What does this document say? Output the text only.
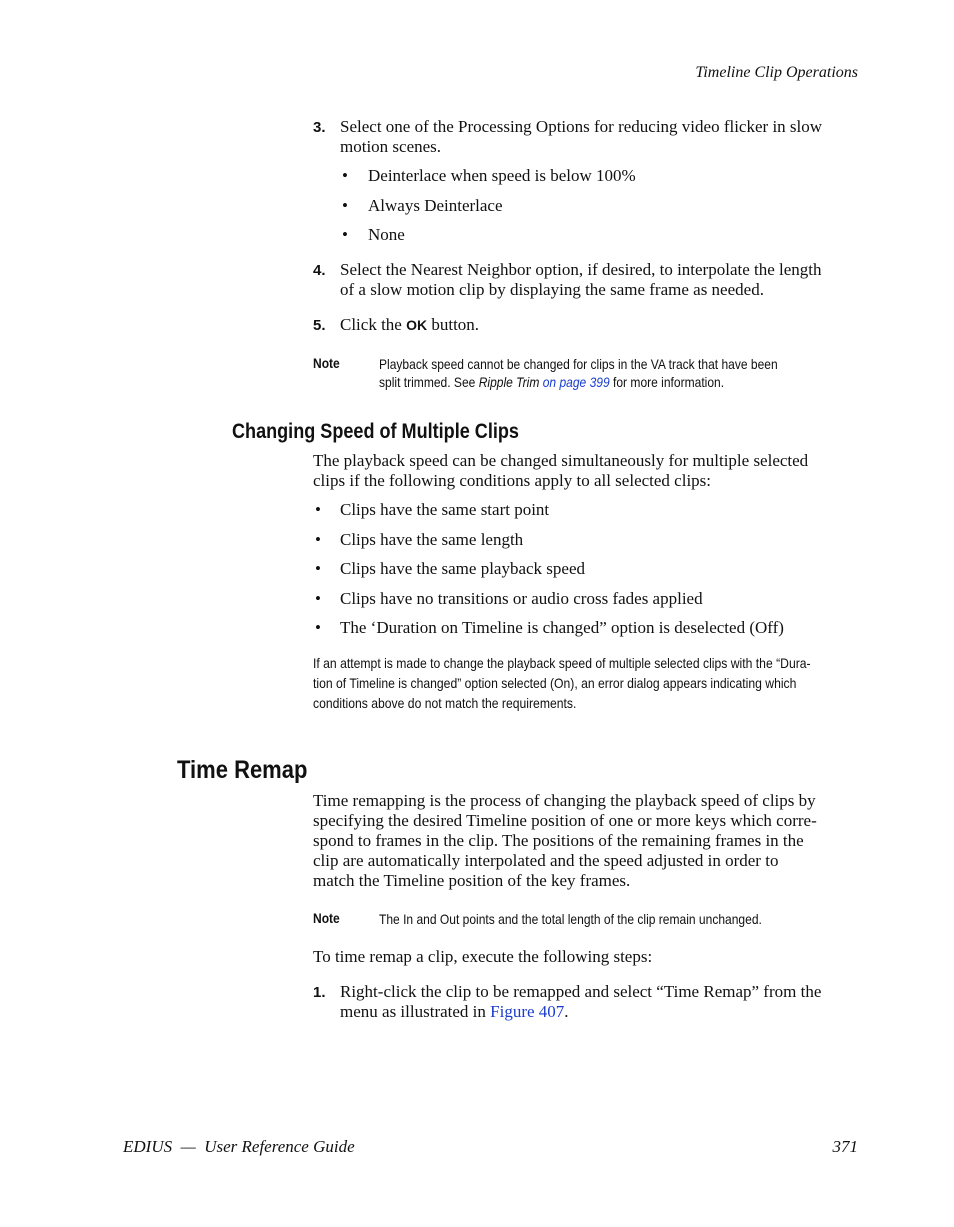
Timeline Clip Operations
3. Select one of the Processing Options for reducing video flicker in slow
motion scenes.
• Deinterlace when speed is below 100%
• Always Deinterlace
• None
4. Select the Nearest Neighbor option, if desired, to interpolate the length
of a slow motion clip by displaying the same frame as needed.
5. Click the OK button.
Note	Playback speed cannot be changed for clips in the VA track that have been
split trimmed. See Ripple Trim on page 399 for more information.
Changing Speed of Multiple Clips
The playback speed can be changed simultaneously for multiple selected
clips if the following conditions apply to all selected clips:
• Clips have the same start point
• Clips have the same length
• Clips have the same playback speed
• Clips have no transitions or audio cross fades applied
• The ‘Duration on Timeline is changed” option is deselected (Off)
If an attempt is made to change the playback speed of multiple selected clips with the “Dura-
tion of Timeline is changed” option selected (On), an error dialog appears indicating which
conditions above do not match the requirements.
Time Remap
Time remapping is the process of changing the playback speed of clips by
specifying the desired Timeline position of one or more keys which corre-
spond to frames in the clip. The positions of the remaining frames in the
clip are automatically interpolated and the speed adjusted in order to
match the Timeline position of the key frames.
Note	The In and Out points and the total length of the clip remain unchanged.
To time remap a clip, execute the following steps:
1. Right-click the clip to be remapped and select “Time Remap” from the
menu as illustrated in Figure 407.
EDIUS  —  User Reference Guide	371
